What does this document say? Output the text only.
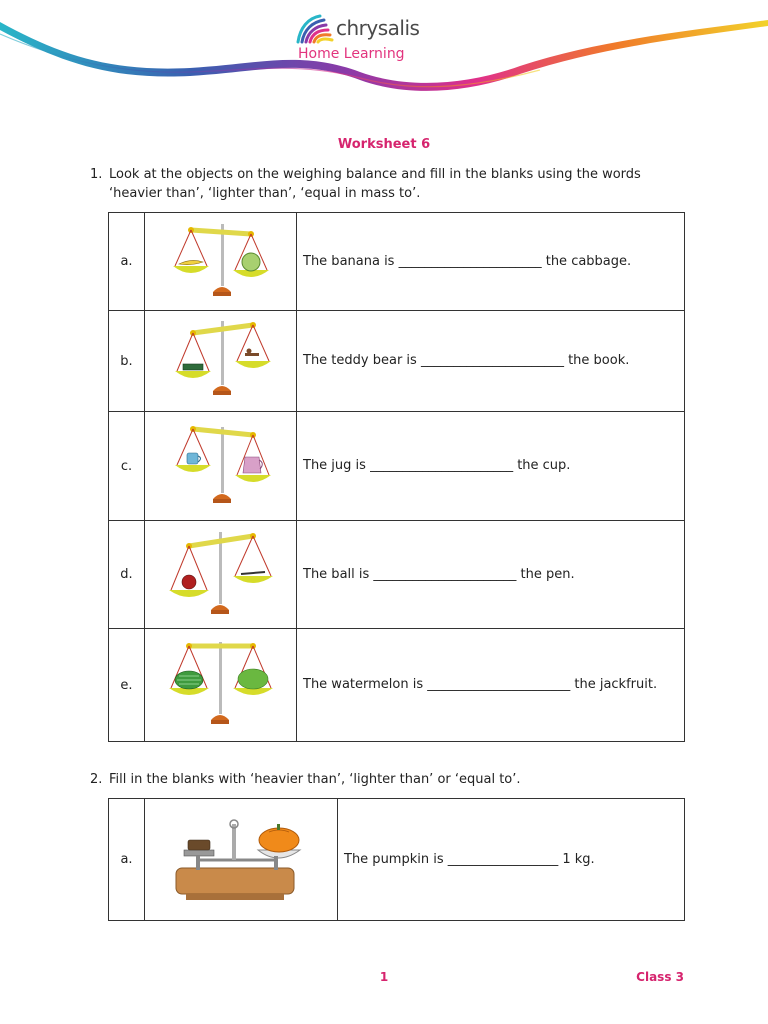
chrysalis
Home Learning
Worksheet 6
1. Look at the objects on the weighing balance and fill in the blanks using the words ‘heavier than’, ‘lighter than’, ‘equal in mass to’.
a.		The banana is ______________________ the cabbage.
b.		The teddy bear is ______________________ the book.
c.		The jug is ______________________ the cup.
d.		The ball is ______________________ the pen.
e.		The watermelon is ______________________ the jackfruit.
2. Fill in the blanks with ‘heavier than’, ‘lighter than’ or ‘equal to’.
a.		The pumpkin is _________________ 1 kg.
1	Class 3
